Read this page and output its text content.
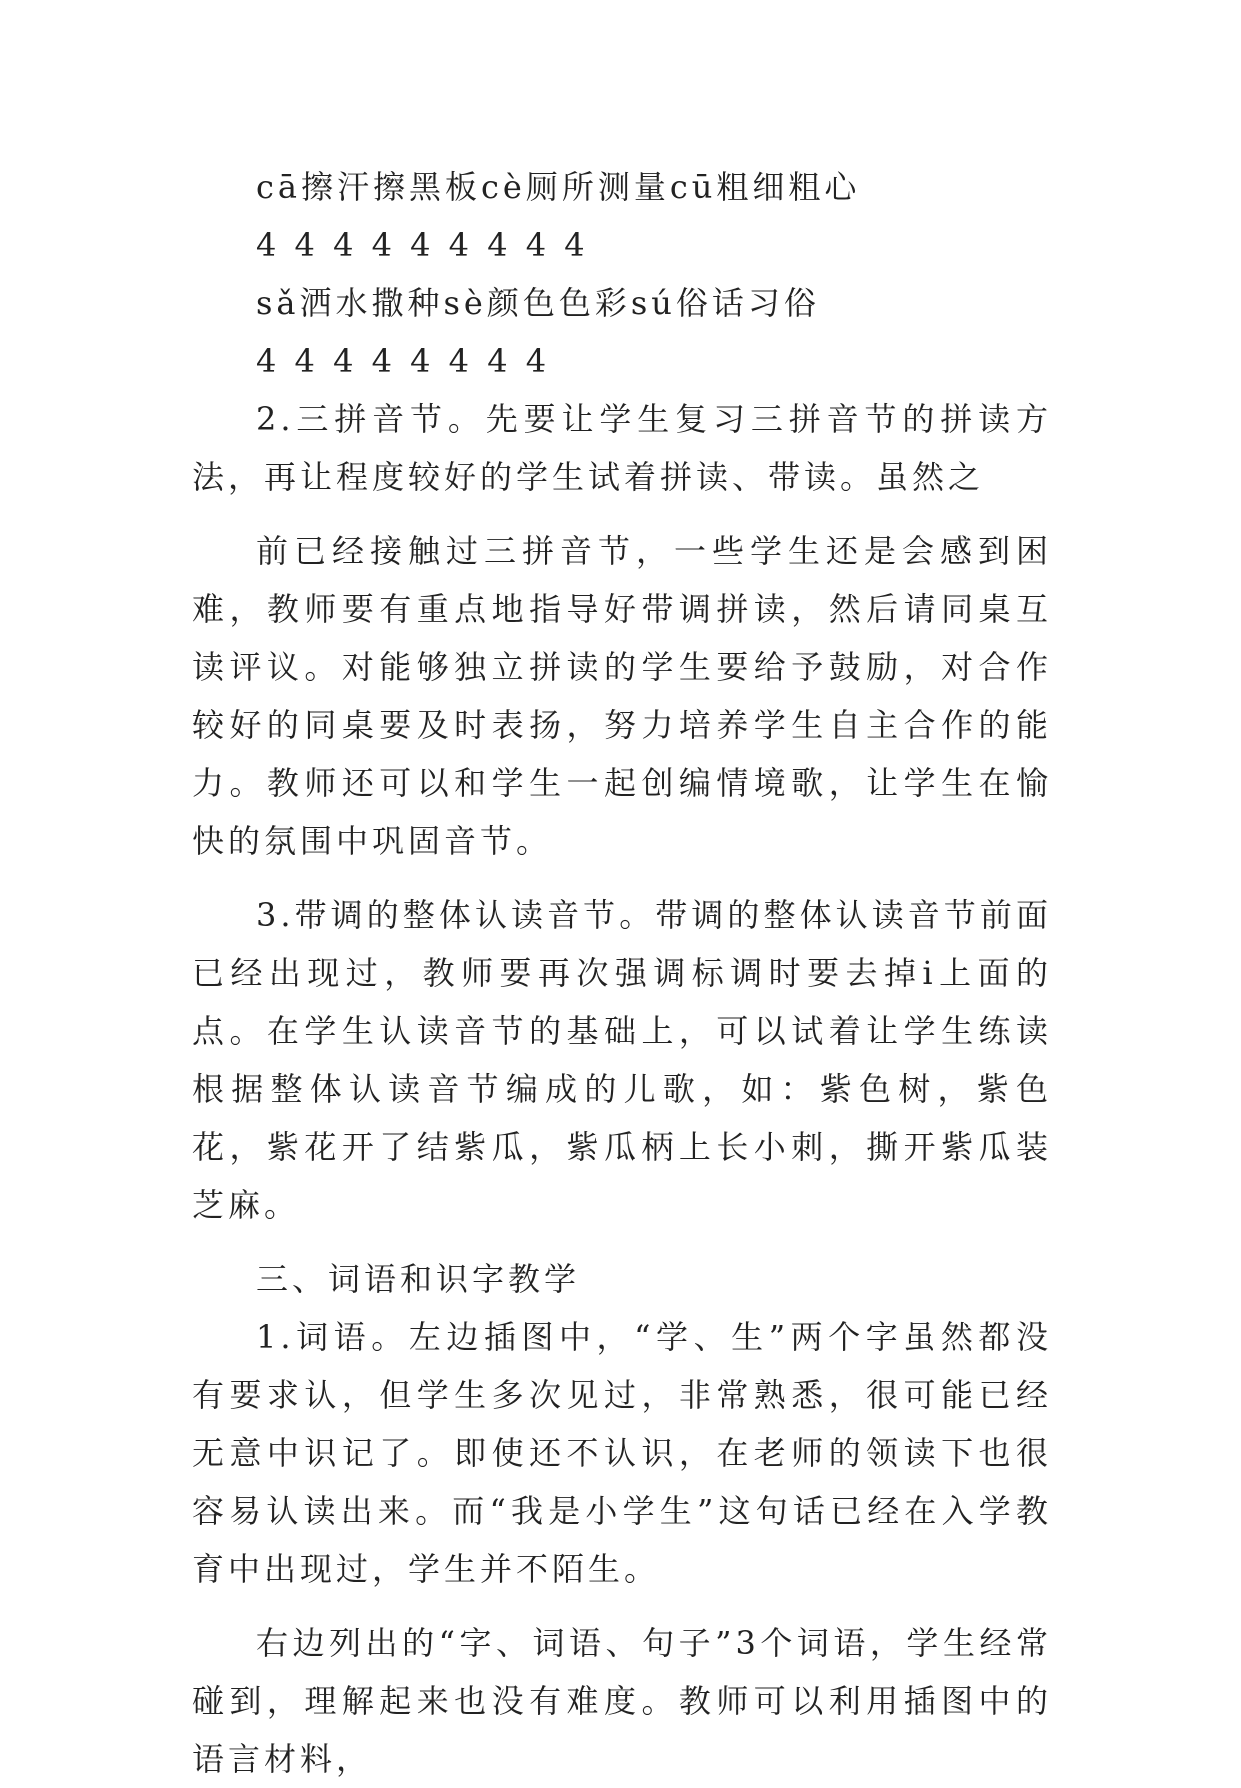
cā擦汗擦黑板cè厕所测量cū粗细粗心

4 4 4 4 4 4 4 4 4

sǎ洒水撒种sè颜色色彩sú俗话习俗

4 4 4 4 4 4 4 4

2.三拼音节。先要让学生复习三拼音节的拼读方法，再让程度较好的学生试着拼读、带读。虽然之

前已经接触过三拼音节，一些学生还是会感到困难，教师要有重点地指导好带调拼读，然后请同桌互读评议。对能够独立拼读的学生要给予鼓励，对合作较好的同桌要及时表扬，努力培养学生自主合作的能力。教师还可以和学生一起创编情境歌，让学生在愉快的氛围中巩固音节。

3.带调的整体认读音节。带调的整体认读音节前面已经出现过，教师要再次强调标调时要去掉i上面的点。在学生认读音节的基础上，可以试着让学生练读根据整体认读音节编成的儿歌，如：紫色树，紫色花，紫花开了结紫瓜，紫瓜柄上长小刺，撕开紫瓜装芝麻。

三、词语和识字教学

1.词语。左边插图中，“学、生”两个字虽然都没有要求认，但学生多次见过，非常熟悉，很可能已经无意中识记了。即使还不认识，在老师的领读下也很容易认读出来。而“我是小学生”这句话已经在入学教育中出现过，学生并不陌生。

右边列出的“字、词语、句子”3个词语，学生经常碰到，理解起来也没有难度。教师可以利用插图中的语言材料，
